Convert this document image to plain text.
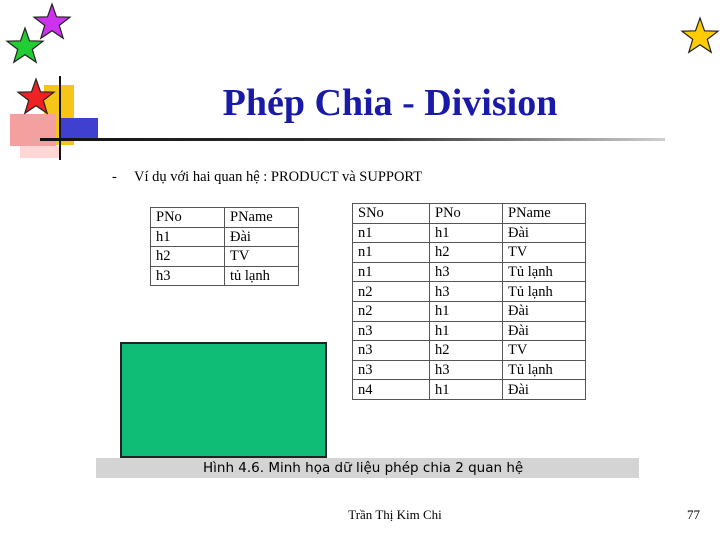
Phép Chia - Division
- Ví dụ với hai quan hệ : PRODUCT và SUPPORT
PNo	PName
h1	Đài
h2	TV
h3	tủ lạnh
SNo	PNo	PName
n1	h1	Đài
n1	h2	TV
n1	h3	Tủ lạnh
n2	h3	Tủ lạnh
n2	h1	Đài
n3	h1	Đài
n3	h2	TV
n3	h3	Tủ lạnh
n4	h1	Đài
Hình 4.6. Minh họa dữ liệu phép chia 2 quan hệ
Trần Thị Kim Chi	77
